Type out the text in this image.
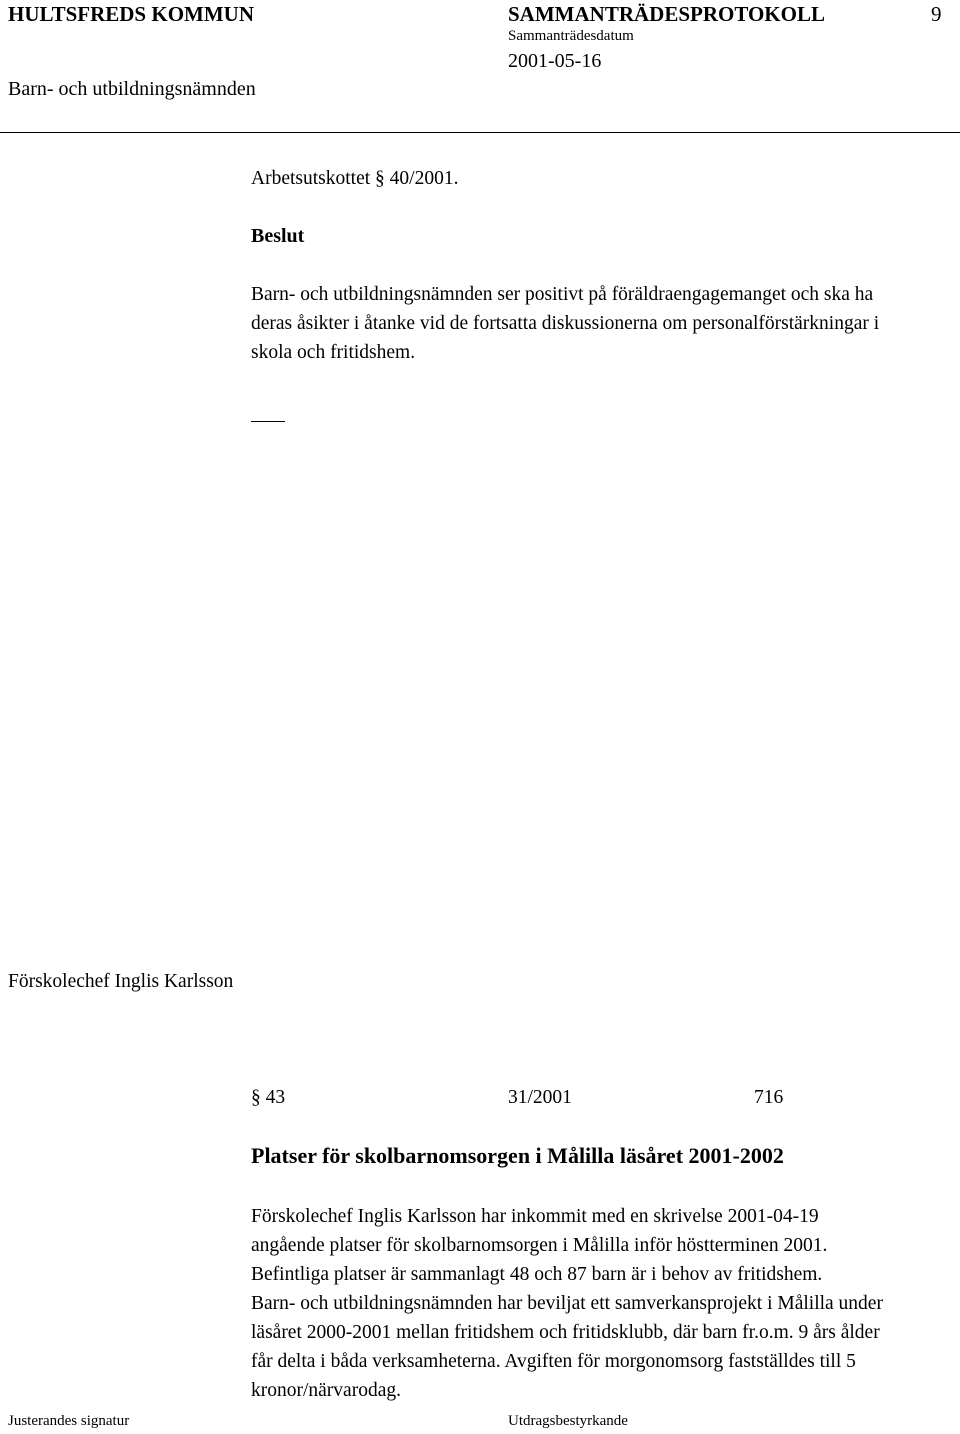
HULTSFREDS KOMMUN	SAMMANTRÄDESPROTOKOLL	9
Sammanträdesdatum
2001-05-16
Barn- och utbildningsnämnden
Arbetsutskottet § 40/2001.
Beslut
Barn- och utbildningsnämnden ser positivt på föräldraengagemanget och ska ha
deras åsikter i åtanke vid de fortsatta diskussionerna om personalförstärkningar i
skola och fritidshem.
Förskolechef Inglis Karlsson
§ 43	31/2001	716
Platser för skolbarnomsorgen i Målilla läsåret 2001-2002
Förskolechef Inglis Karlsson har inkommit med en skrivelse 2001-04-19
angående platser för skolbarnomsorgen i Målilla inför höstterminen 2001.
Befintliga platser är sammanlagt 48 och 87 barn är i behov av fritidshem.
Barn- och utbildningsnämnden har beviljat ett samverkansprojekt i Målilla under
läsåret 2000-2001 mellan fritidshem och fritidsklubb, där barn fr.o.m. 9 års ålder
får delta i båda verksamheterna. Avgiften för morgonomsorg fastställdes till 5
kronor/närvarodag.
Justerandes signatur	Utdragsbestyrkande
